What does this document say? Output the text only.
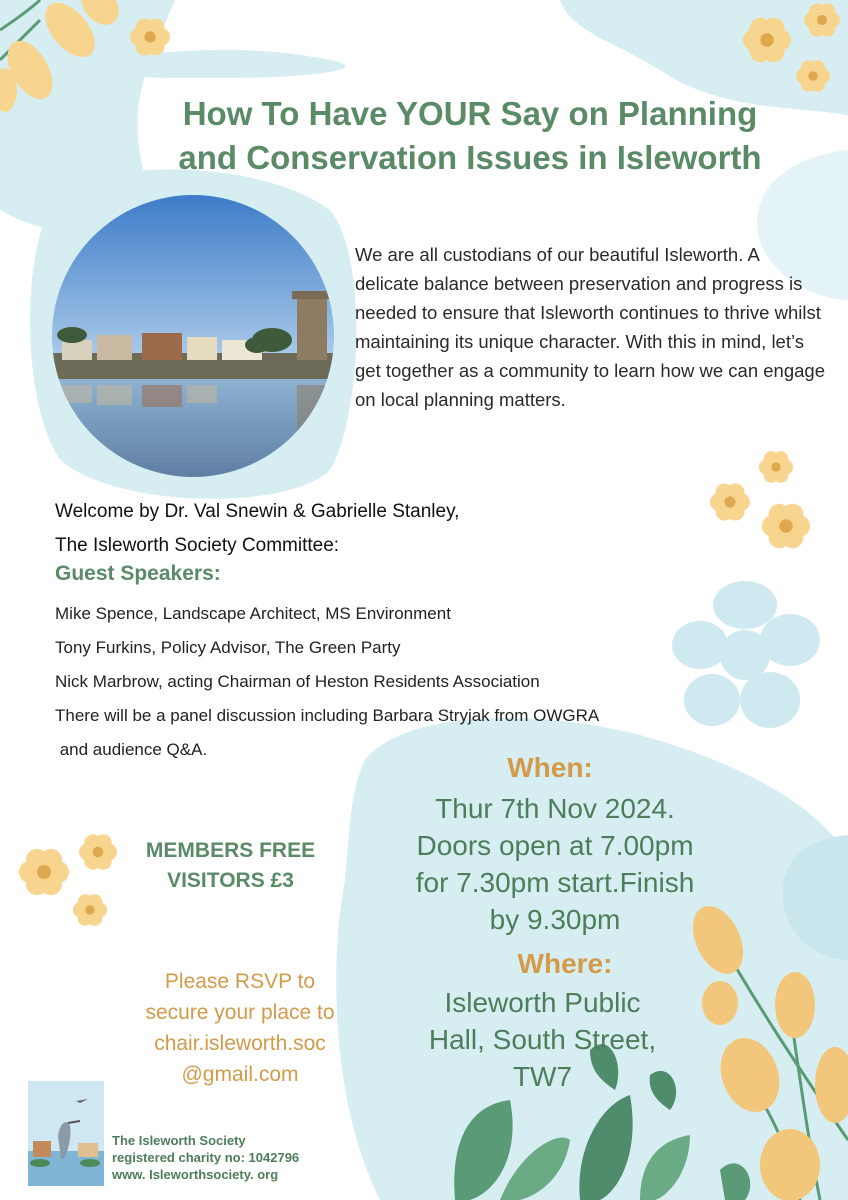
How To Have YOUR Say on Planning
and Conservation Issues in Isleworth
We are all custodians of our beautiful Isleworth. A delicate balance between preservation and progress is needed to ensure that Isleworth continues to thrive whilst maintaining its unique character. With this in mind, let’s get together as a community to learn how we can engage on local planning matters.
Welcome by Dr. Val Snewin & Gabrielle Stanley,
The Isleworth Society Committee:
Guest Speakers:
Mike Spence, Landscape Architect, MS Environment
Tony Furkins, Policy Advisor, The Green Party
Nick Marbrow, acting Chairman of Heston Residents Association
There will be a panel discussion including Barbara Stryjak from OWGRA
and audience Q&A.
When:
Thur 7th Nov 2024.
Doors open at 7.00pm
for 7.30pm start.Finish
by 9.30pm
Where:
Isleworth Public
Hall, South Street,
TW7
MEMBERS FREE
VISITORS £3
Please RSVP to
secure your place to
chair.isleworth.soc
@gmail.com
The Isleworth Society
registered charity no: 1042796
www. Isleworthsociety. org
